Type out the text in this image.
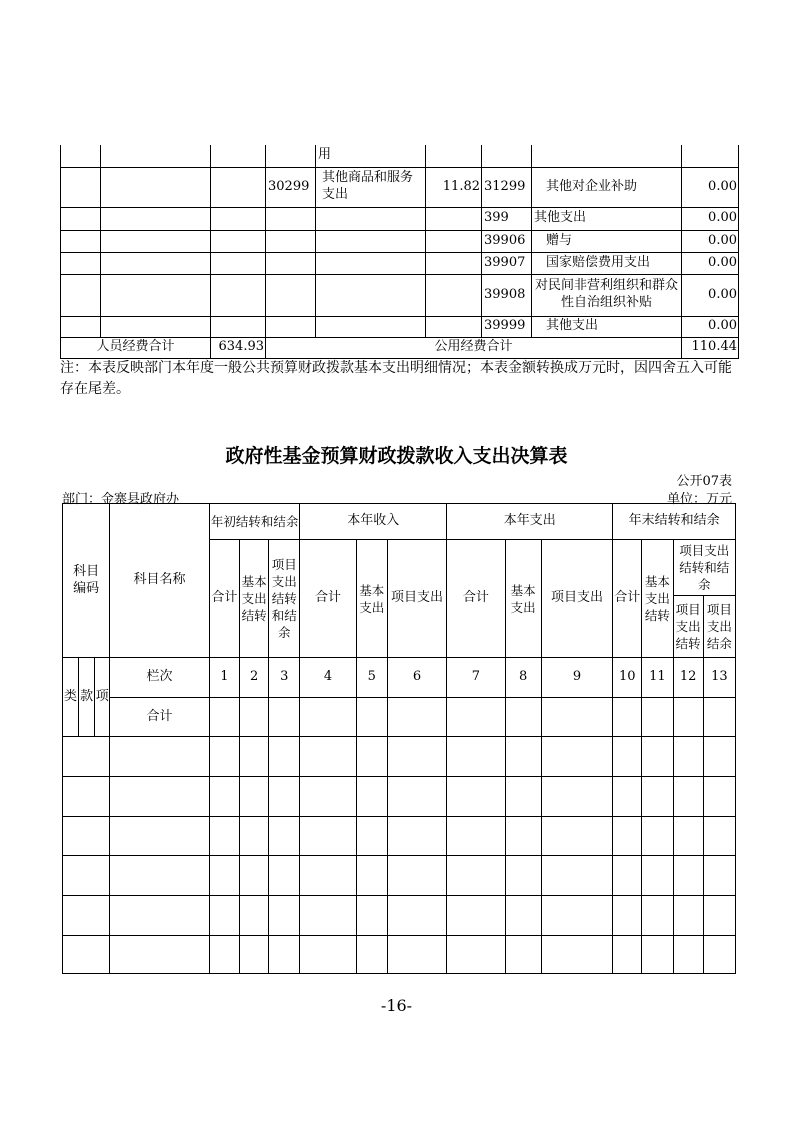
				用				
			30299	其他商品和服务支出	11.82	31299	其他对企业补助	0.00
						399	其他支出	0.00
						39906	赠与	0.00
						39907	国家赔偿费用支出	0.00
						39908	对民间非营利组织和群众性自治组织补贴	0.00
						39999	其他支出	0.00
人员经费合计		634.93	公用经费合计					110.44
注：本表反映部门本年度一般公共预算财政拨款基本支出明细情况；本表金额转换成万元时，因四舍五入可能存在尾差。
政府性基金预算财政拨款收入支出决算表
公开07表
部门：金寨县政府办	单位：万元
科目编码			科目名称	年初结转和结余			本年收入			本年支出			年末结转和结余			
				合计	基本支出结转	项目支出结转和结余	合计	基本支出	项目支出	合计	基本支出	项目支出	合计	基本支出结转	项目支出结转和结余	
															项目支出结转	项目支出结余
类	款	项	栏次	1	2	3	4	5	6	7	8	9	10	11	12	13
			合计													

-16-
